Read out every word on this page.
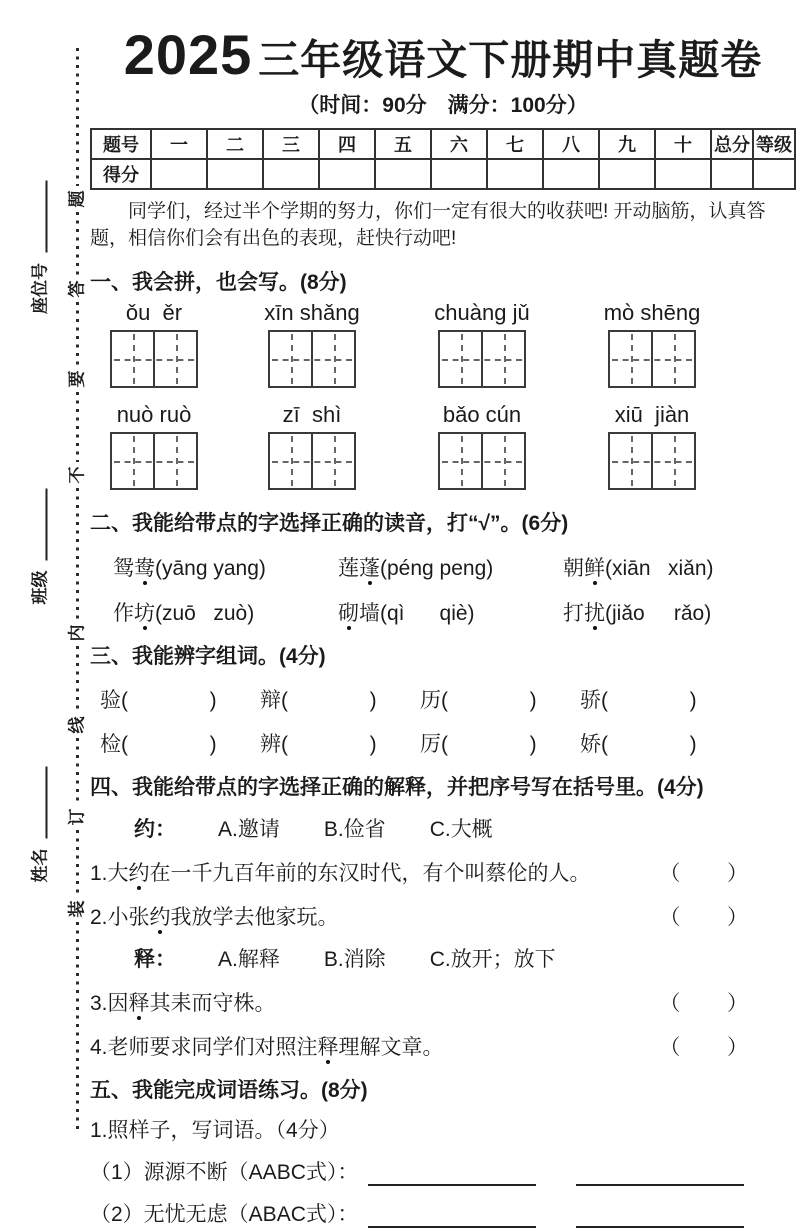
座位号
班级
姓名
题
答
要
不
内
线
订
装
2025 三年级语文下册期中真题卷
（时间：90分　满分：100分）
题号	一	二	三	四	五	六	七	八	九	十	总分	等级
得分												

同学们，经过半个学期的努力，你们一定有很大的收获吧! 开动脑筋，认真答题，相信你们会有出色的表现，赶快行动吧!

一、我会拼，也会写。(8分)
ǒu  ěr	xīn shǎng	chuàng jǔ	mò shēng
nuò ruò	zī  shì	bǎo cún	xiū  jiàn
二、我能给带点的字选择正确的读音，打“√”。(6分)
鸳鸯(yāng yang)	莲蓬(péng peng)	朝鲜(xiān   xiǎn)
作坊(zuō   zuò)	砌墙(qì      qiè)	打扰(jiǎo     rǎo)
三、我能辨字组词。(4分)
验(              )	辩(              )	历(              )	骄(              )
检(              )	辨(              )	厉(              )	娇(              )
四、我能给带点的字选择正确的解释，并把序号写在括号里。(4分)
约： A.邀请 B.俭省 C.大概
1.大约在一千九百年前的东汉时代，有个叫蔡伦的人。	（        ）
2.小张约我放学去他家玩。	（        ）
释： A.解释 B.消除 C.放开；放下
3.因释其耒而守株。	（        ）
4.老师要求同学们对照注释理解文章。	（        ）
五、我能完成词语练习。(8分)
1.照样子，写词语。（4分）
（1）源源不断（AABC式）：
（2）无忧无虑（ABAC式）：
